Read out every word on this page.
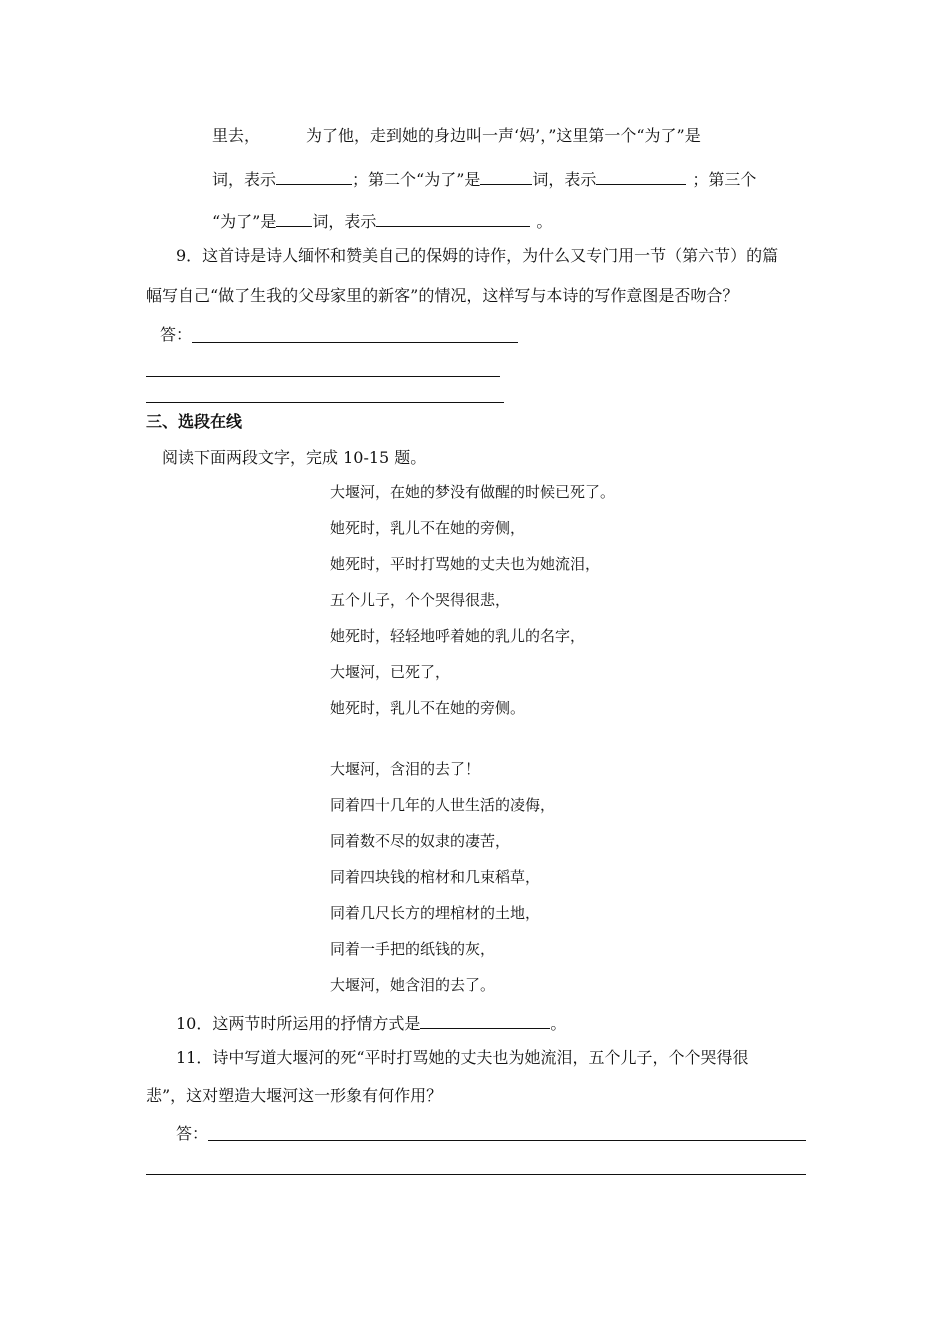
里去，	为了他，走到她的身边叫一声‘妈’，”这里第一个“为了”是
词，表示	；第二个“为了”是	词，表示	；第三个
“为了”是 词，表示	。
9．这首诗是诗人缅怀和赞美自己的保姆的诗作，为什么又专门用一节（第六节）的篇
幅写自己“做了生我的父母家里的新客”的情况，这样写与本诗的写作意图是否吻合？
答：
三、选段在线
阅读下面两段文字，完成 10-15 题。
大堰河，在她的梦没有做醒的时候已死了。
她死时，乳儿不在她的旁侧，
她死时，平时打骂她的丈夫也为她流泪，
五个儿子，个个哭得很悲，
她死时，轻轻地呼着她的乳儿的名字，
大堰河，已死了，
她死时，乳儿不在她的旁侧。
大堰河，含泪的去了！
同着四十几年的人世生活的凌侮，
同着数不尽的奴隶的凄苦，
同着四块钱的棺材和几束稻草，
同着几尺长方的埋棺材的土地，
同着一手把的纸钱的灰，
大堰河，她含泪的去了。
10．这两节时所运用的抒情方式是	。
11．诗中写道大堰河的死“平时打骂她的丈夫也为她流泪，五个儿子，个个哭得很
悲”，这对塑造大堰河这一形象有何作用？
答：
